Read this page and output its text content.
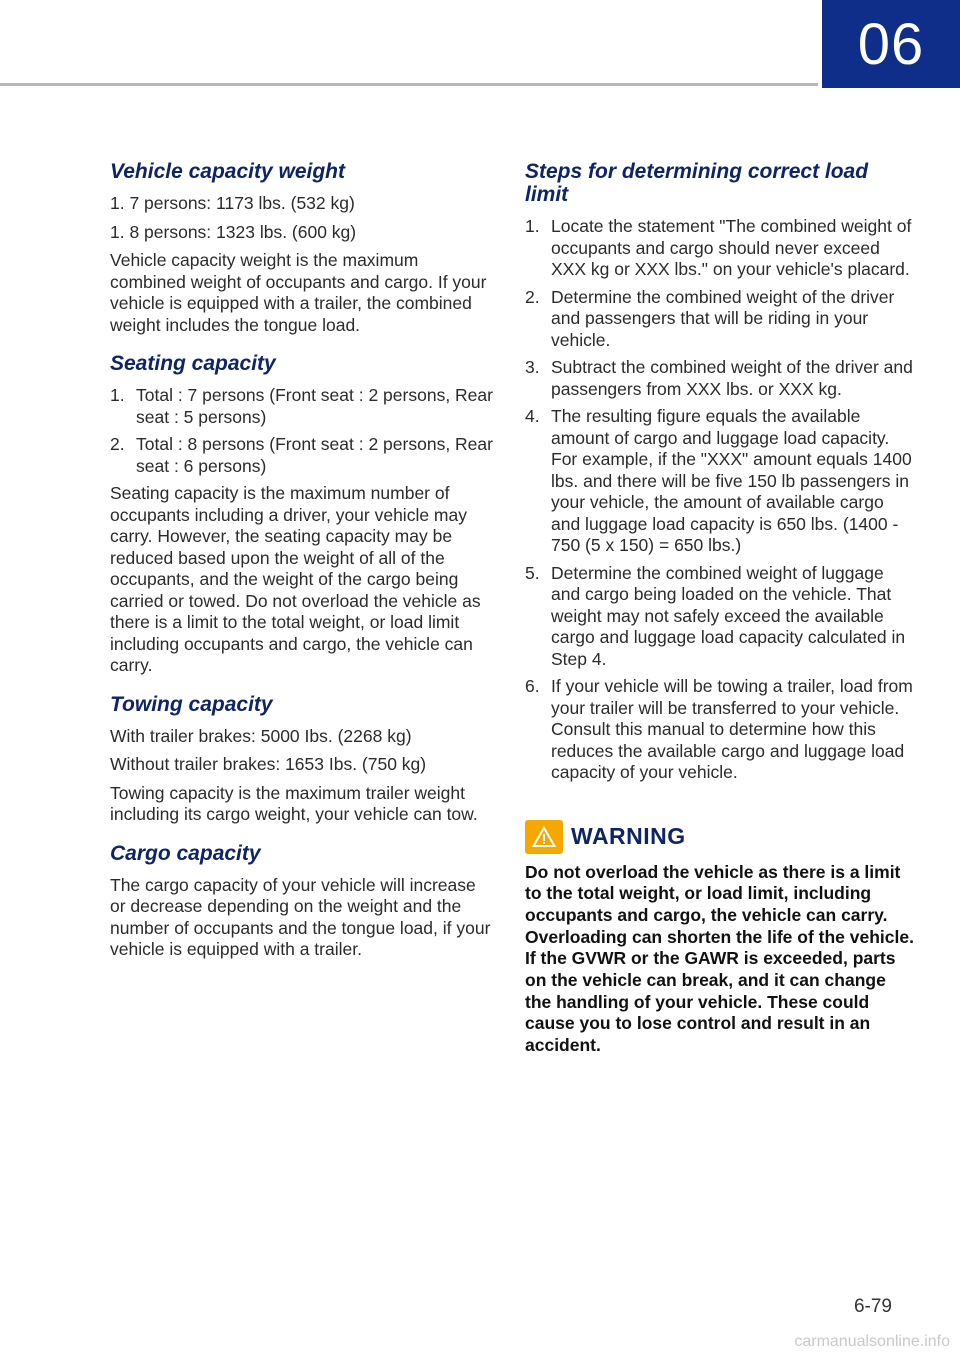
06
Vehicle capacity weight

1. 7 persons: 1173 lbs. (532 kg)

1. 8 persons: 1323 lbs. (600 kg)

Vehicle capacity weight is the maximum combined weight of occupants and cargo. If your vehicle is equipped with a trailer, the combined weight includes the tongue load.

Seating capacity
1. Total : 7 persons (Front seat : 2 persons, Rear seat : 5 persons)
2. Total : 8 persons (Front seat : 2 persons, Rear seat : 6 persons)

Seating capacity is the maximum number of occupants including a driver, your vehicle may carry. However, the seating capacity may be reduced based upon the weight of all of the occupants, and the weight of the cargo being carried or towed. Do not overload the vehicle as there is a limit to the total weight, or load limit including occupants and cargo, the vehicle can carry.

Towing capacity

With trailer brakes: 5000 Ibs. (2268 kg)

Without trailer brakes: 1653 Ibs. (750 kg)

Towing capacity is the maximum trailer weight including its cargo weight, your vehicle can tow.

Cargo capacity

The cargo capacity of your vehicle will increase or decrease depending on the weight and the number of occupants and the tongue load, if your vehicle is equipped with a trailer.

Steps for determining correct load limit
1. Locate the statement "The combined weight of occupants and cargo should never exceed XXX kg or XXX lbs." on your vehicle's placard.
2. Determine the combined weight of the driver and passengers that will be riding in your vehicle.
3. Subtract the combined weight of the driver and passengers from XXX lbs. or XXX kg.
4. The resulting figure equals the available amount of cargo and luggage load capacity. For example, if the "XXX" amount equals 1400 lbs. and there will be five 150 lb passengers in your vehicle, the amount of available cargo and luggage load capacity is 650 lbs. (1400 - 750 (5 x 150) = 650 lbs.)
5. Determine the combined weight of luggage and cargo being loaded on the vehicle. That weight may not safely exceed the available cargo and luggage load capacity calculated in Step 4.
6. If your vehicle will be towing a trailer, load from your trailer will be transferred to your vehicle. Consult this manual to determine how this reduces the available cargo and luggage load capacity of your vehicle.
WARNING

Do not overload the vehicle as there is a limit to the total weight, or load limit, including occupants and cargo, the vehicle can carry. Overloading can shorten the life of the vehicle. If the GVWR or the GAWR is exceeded, parts on the vehicle can break, and it can change the handling of your vehicle. These could cause you to lose control and result in an accident.

6-79
carmanualsonline.info
